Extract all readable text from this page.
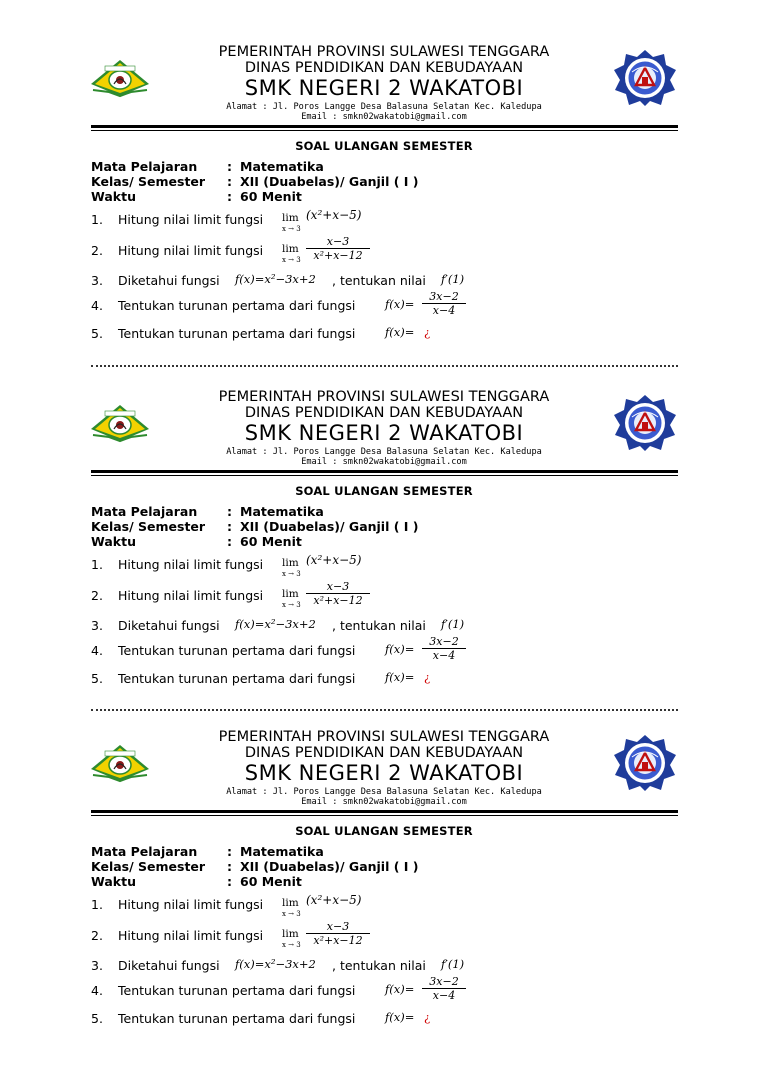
PEMERINTAH PROVINSI SULAWESI TENGGARA
DINAS PENDIDIKAN DAN KEBUDAYAAN
SMK NEGERI 2 WAKATOBI
Alamat : Jl. Poros Langge Desa Balasuna Selatan Kec. Kaledupa
Email : smkn02wakatobi@gmail.com
SOAL ULANGAN SEMESTER
Mata Pelajaran : Matematika
Kelas/ Semester : XII (Duabelas)/ Ganjil ( I )
Waktu	: 60 Menit
1. Hitung nilai limit fungsi lim
x → 3
(x²+x−5)
2. Hitung nilai limit fungsi lim
x → 3
x−3
x²+x−12
3. Diketahui fungsi f(x)=x²−3x+2 , tentukan nilai f′(1)
4. Tentukan turunan pertama dari fungsi	f(x)=
3x−2
x−4
5. Tentukan turunan pertama dari fungsi	f(x)= ¿
PEMERINTAH PROVINSI SULAWESI TENGGARA
DINAS PENDIDIKAN DAN KEBUDAYAAN
SMK NEGERI 2 WAKATOBI
Alamat : Jl. Poros Langge Desa Balasuna Selatan Kec. Kaledupa
Email : smkn02wakatobi@gmail.com
SOAL ULANGAN SEMESTER
Mata Pelajaran : Matematika
Kelas/ Semester : XII (Duabelas)/ Ganjil ( I )
Waktu	: 60 Menit
1. Hitung nilai limit fungsi lim
x → 3
(x²+x−5)
2. Hitung nilai limit fungsi lim
x → 3
x−3
x²+x−12
3. Diketahui fungsi f(x)=x²−3x+2 , tentukan nilai f′(1)
4. Tentukan turunan pertama dari fungsi	f(x)=
3x−2
x−4
5. Tentukan turunan pertama dari fungsi	f(x)= ¿
PEMERINTAH PROVINSI SULAWESI TENGGARA
DINAS PENDIDIKAN DAN KEBUDAYAAN
SMK NEGERI 2 WAKATOBI
Alamat : Jl. Poros Langge Desa Balasuna Selatan Kec. Kaledupa
Email : smkn02wakatobi@gmail.com
SOAL ULANGAN SEMESTER
Mata Pelajaran : Matematika
Kelas/ Semester : XII (Duabelas)/ Ganjil ( I )
Waktu	: 60 Menit
1. Hitung nilai limit fungsi lim
x → 3
(x²+x−5)
2. Hitung nilai limit fungsi lim
x → 3
x−3
x²+x−12
3. Diketahui fungsi f(x)=x²−3x+2 , tentukan nilai f′(1)
4. Tentukan turunan pertama dari fungsi	f(x)=
3x−2
x−4
5. Tentukan turunan pertama dari fungsi	f(x)= ¿
